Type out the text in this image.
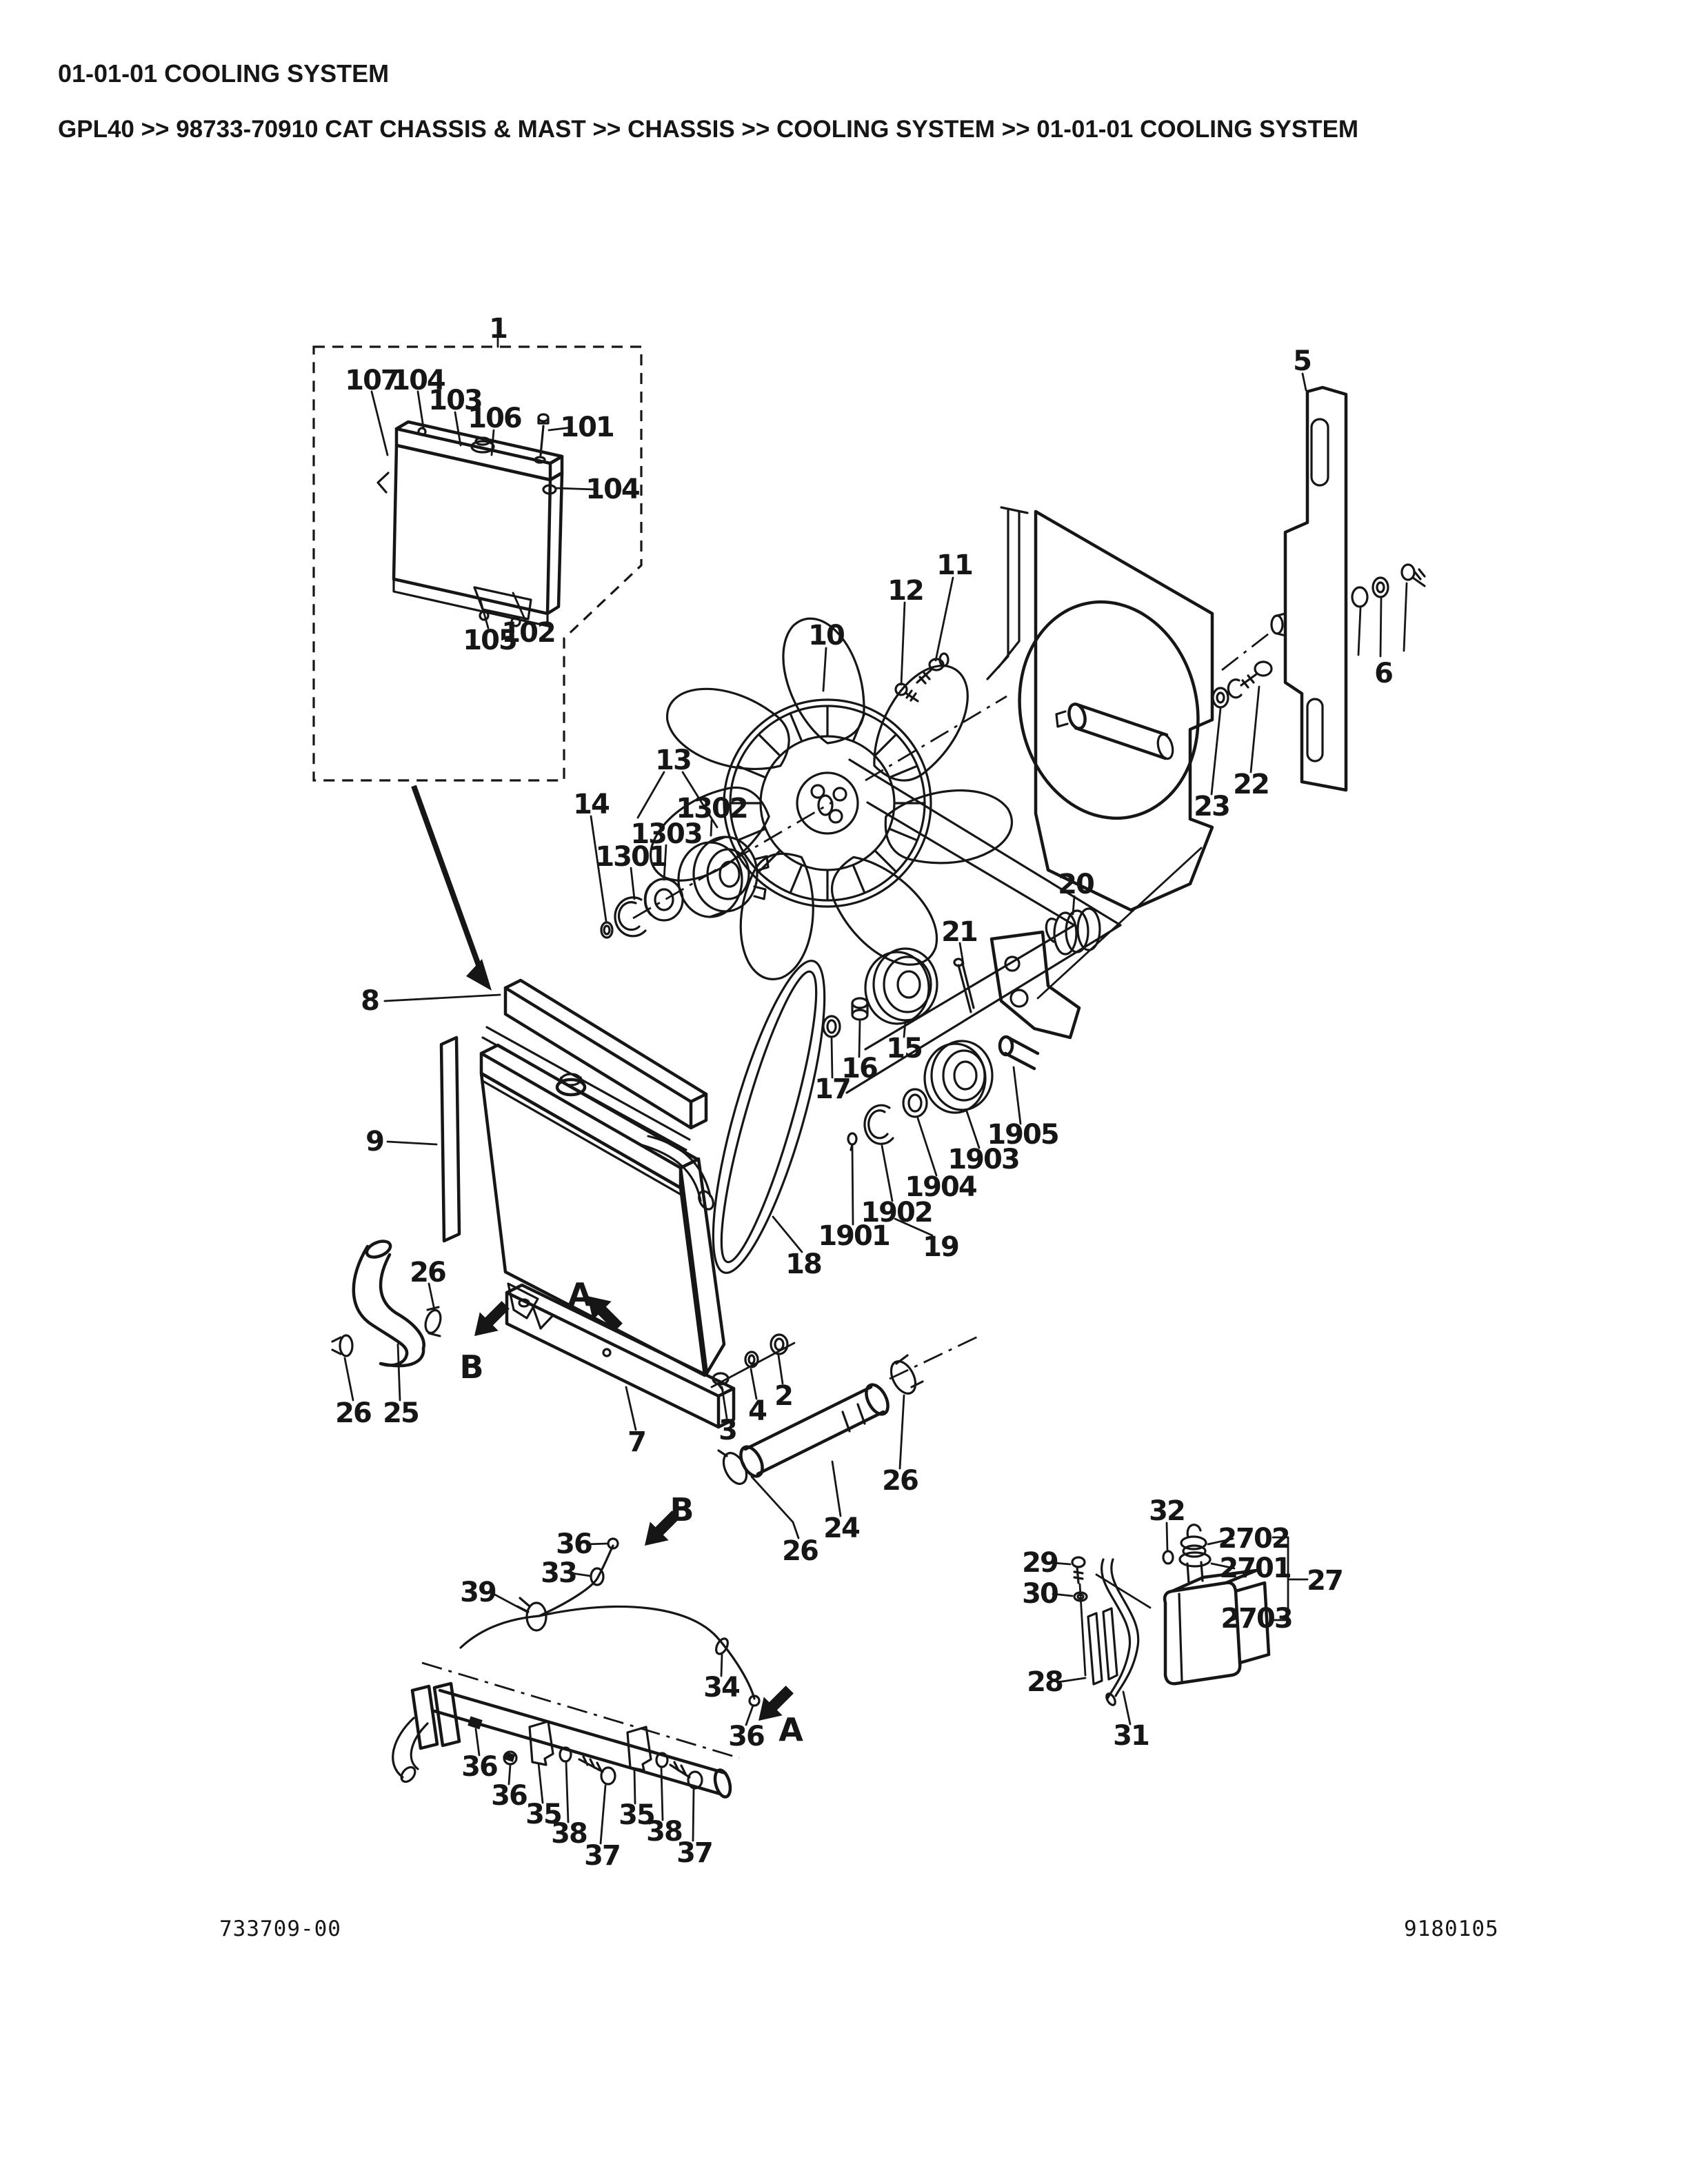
01-01-01 COOLING SYSTEM
GPL40 >> 98733-70910 CAT CHASSIS & MAST >> CHASSIS >> COOLING SYSTEM >> 01-01-01 COOLING SYSTEM
1
107
104
103
106 101
104
105
102	10
12
11
5
6
22
23
20
21
13
1302
1303
1301
14
15
16
17
1905
1903
1904
1902
1901 19
18
8
9
26
26 25
A
B
7	3
4 2
24
26
26
B
36
33
39
34
36 A
36
36
35
38
37
35
38
37
32
2702
2701 27
2703
29
30
28
31
733709-00	9180105
